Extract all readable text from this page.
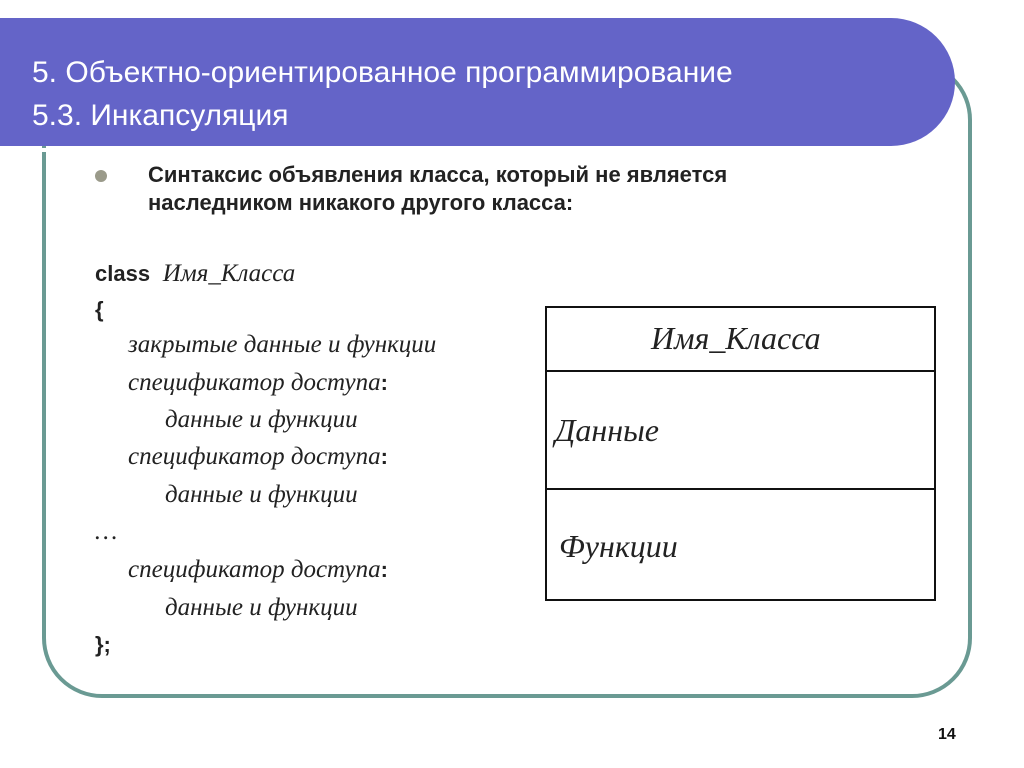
5. Объектно-ориентированное программирование
5.3. Инкапсуляция
Синтаксис объявления класса, который не является наследником никакого другого класса:
class Имя_Класса
{
закрытые данные и функции
спецификатор доступа:
данные и функции
спецификатор доступа:
данные и функции
…
спецификатор доступа:
данные и функции
};
Имя_Класса
Данные
Функции
14
